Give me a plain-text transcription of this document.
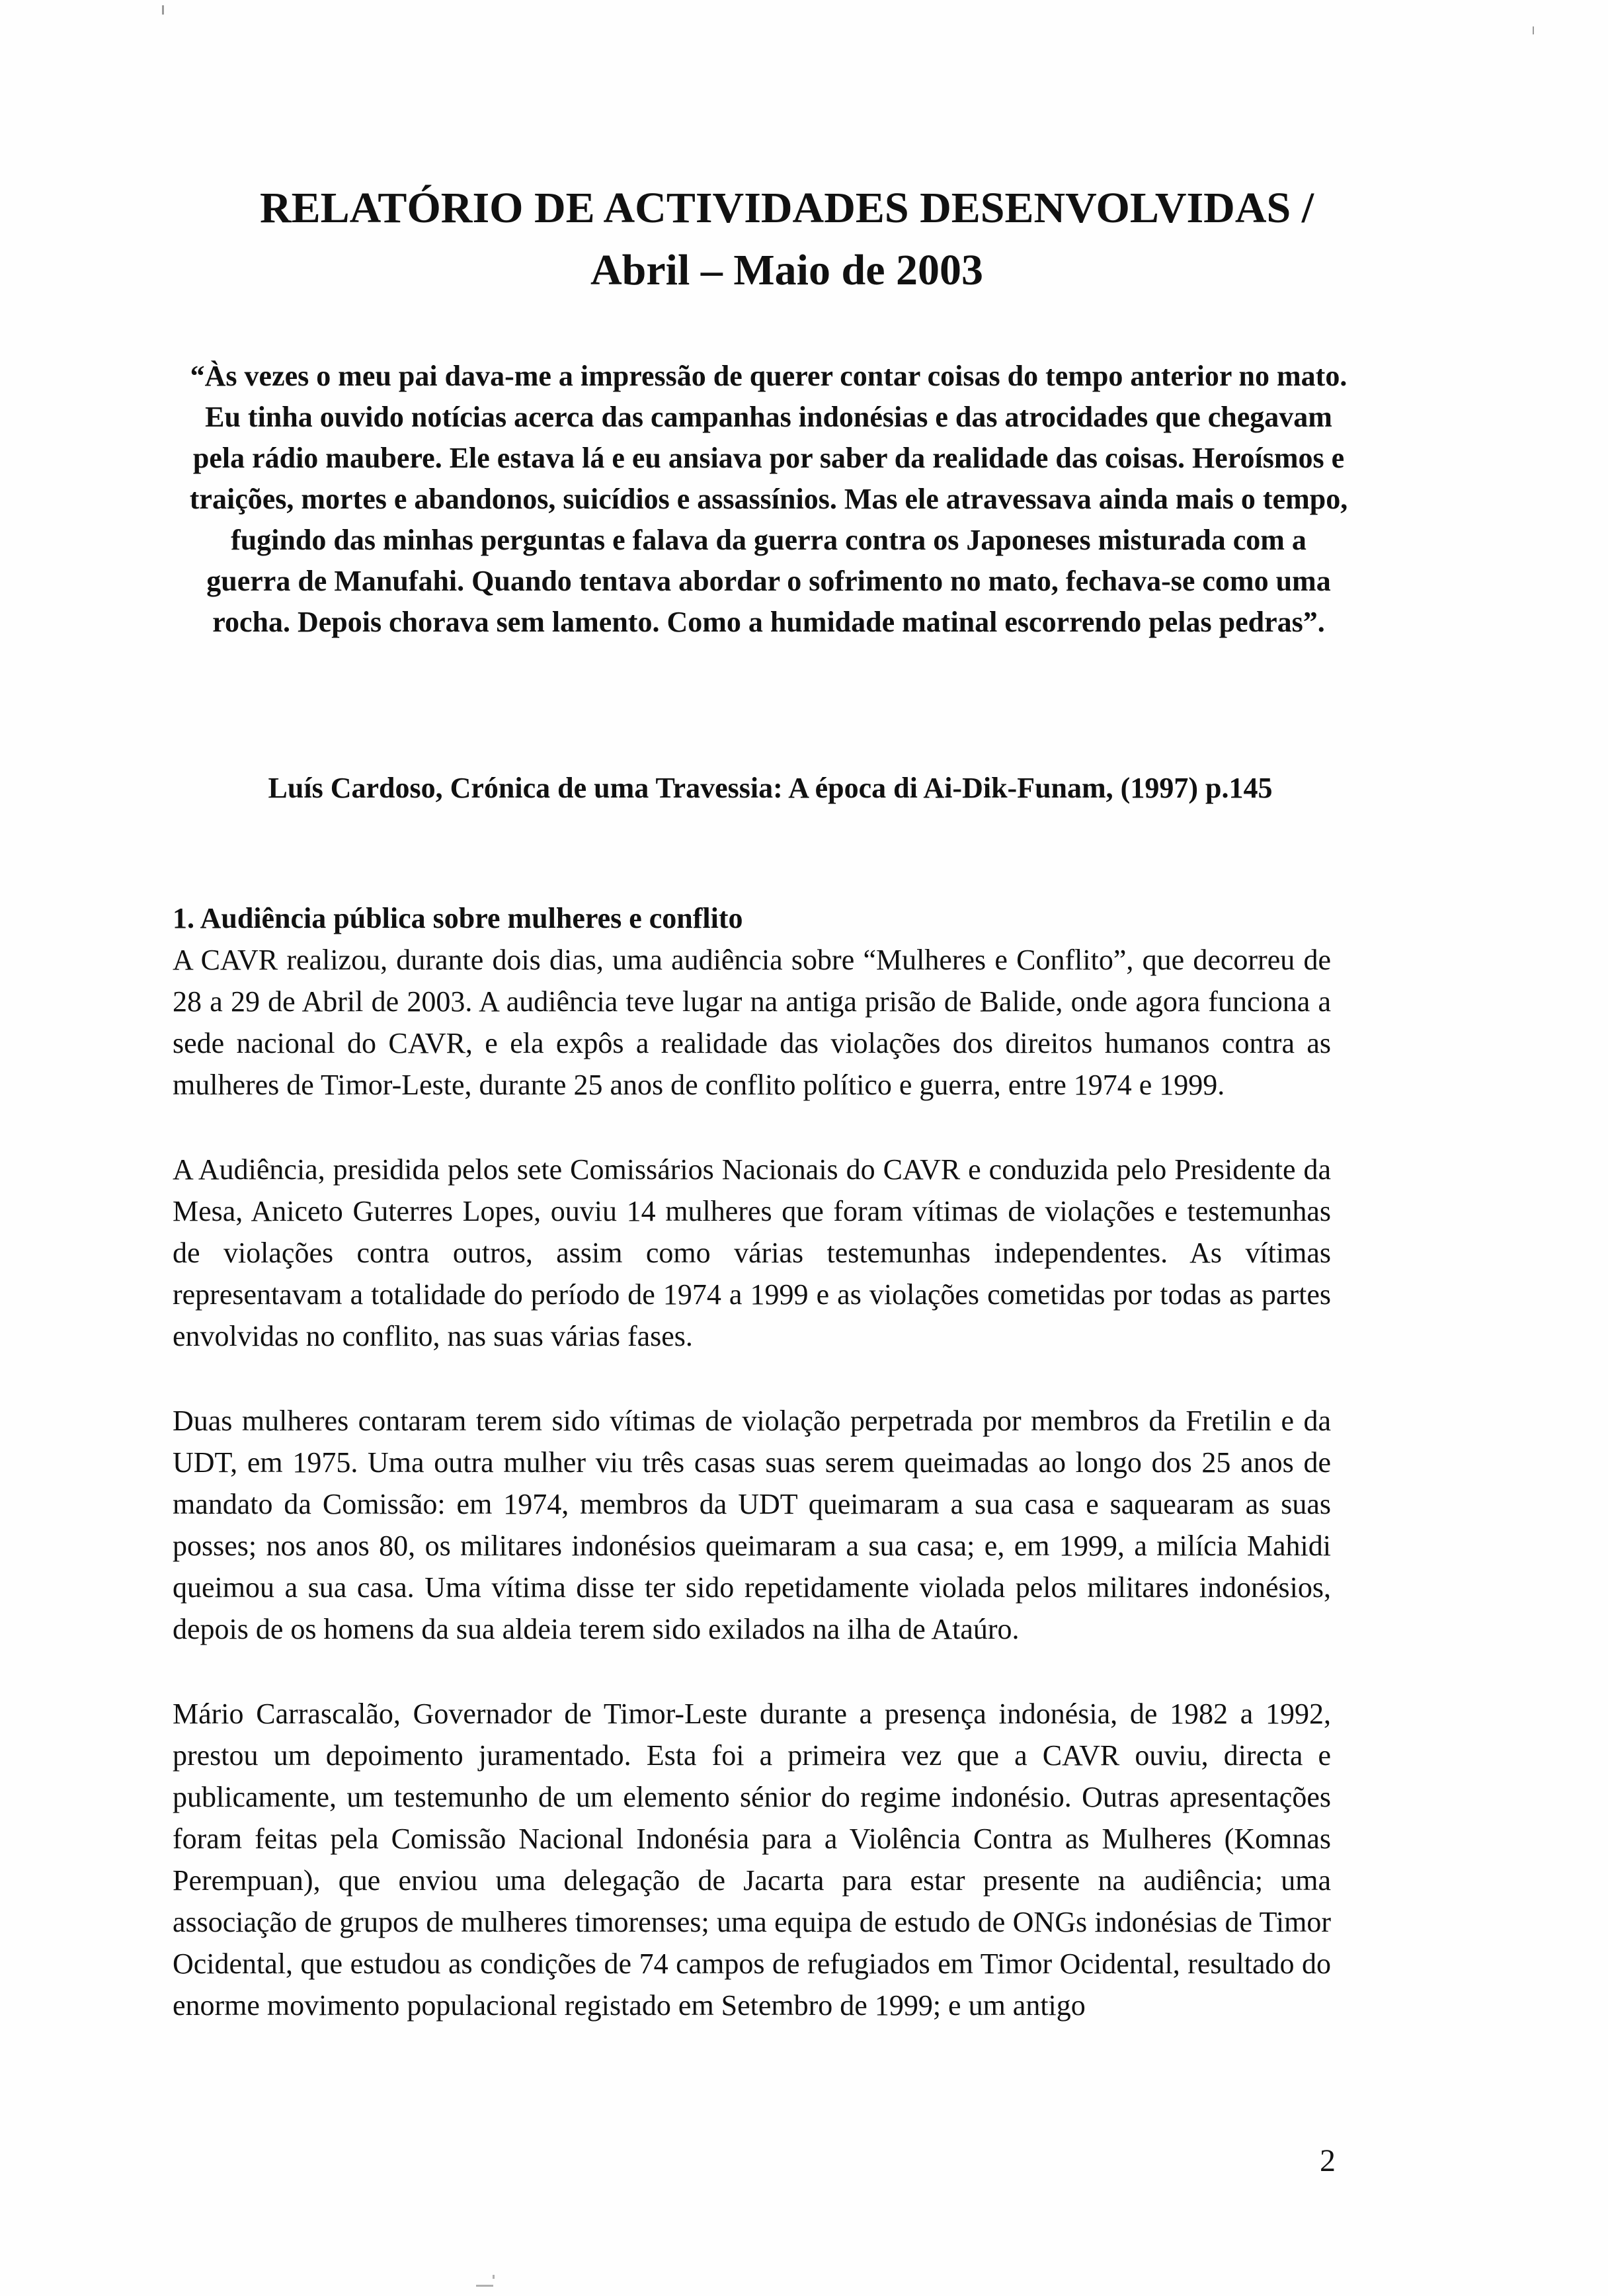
RELATÓRIO DE ACTIVIDADES DESENVOLVIDAS /
Abril – Maio de 2003
“Às vezes o meu pai dava-me a impressão de querer contar coisas do tempo anterior no mato. Eu tinha ouvido notícias acerca das campanhas indonésias e das atrocidades que chegavam pela rádio maubere. Ele estava lá e eu ansiava por saber da realidade das coisas. Heroísmos e traições, mortes e abandonos, suicídios e assassínios. Mas ele atravessava ainda mais o tempo, fugindo das minhas perguntas e falava da guerra contra os Japoneses misturada com a guerra de Manufahi. Quando tentava abordar o sofrimento no mato, fechava-se como uma rocha. Depois chorava sem lamento. Como a humidade matinal escorrendo pelas pedras”.
Luís Cardoso, Crónica de uma Travessia: A época di Ai-Dik-Funam, (1997) p.145
1. Audiência pública sobre mulheres e conflito

A CAVR realizou, durante dois dias, uma audiência sobre “Mulheres e Conflito”, que decorreu de 28 a 29 de Abril de 2003. A audiência teve lugar na antiga prisão de Balide, onde agora funciona a sede nacional do CAVR, e ela expôs a realidade das violações dos direitos humanos contra as mulheres de Timor-Leste, durante 25 anos de conflito político e guerra, entre 1974 e 1999.

A Audiência, presidida pelos sete Comissários Nacionais do CAVR e conduzida pelo Presidente da Mesa, Aniceto Guterres Lopes, ouviu 14 mulheres que foram vítimas de violações e testemunhas de violações contra outros, assim como várias testemunhas independentes. As vítimas representavam a totalidade do período de 1974 a 1999 e as violações cometidas por todas as partes envolvidas no conflito, nas suas várias fases.

Duas mulheres contaram terem sido vítimas de violação perpetrada por membros da Fretilin e da UDT, em 1975. Uma outra mulher viu três casas suas serem queimadas ao longo dos 25 anos de mandato da Comissão: em 1974, membros da UDT queimaram a sua casa e saquearam as suas posses; nos anos 80, os militares indonésios queimaram a sua casa; e, em 1999, a milícia Mahidi queimou a sua casa. Uma vítima disse ter sido repetidamente violada pelos militares indonésios, depois de os homens da sua aldeia terem sido exilados na ilha de Ataúro.

Mário Carrascalão, Governador de Timor-Leste durante a presença indonésia, de 1982 a 1992, prestou um depoimento juramentado. Esta foi a primeira vez que a CAVR ouviu, directa e publicamente, um testemunho de um elemento sénior do regime indonésio. Outras apresentações foram feitas pela Comissão Nacional Indonésia para a Violência Contra as Mulheres (Komnas Perempuan), que enviou uma delegação de Jacarta para estar presente na audiência; uma associação de grupos de mulheres timorenses; uma equipa de estudo de ONGs indonésias de Timor Ocidental, que estudou as condições de 74 campos de refugiados em Timor Ocidental, resultado do enorme movimento populacional registado em Setembro de 1999; e um antigo

2
